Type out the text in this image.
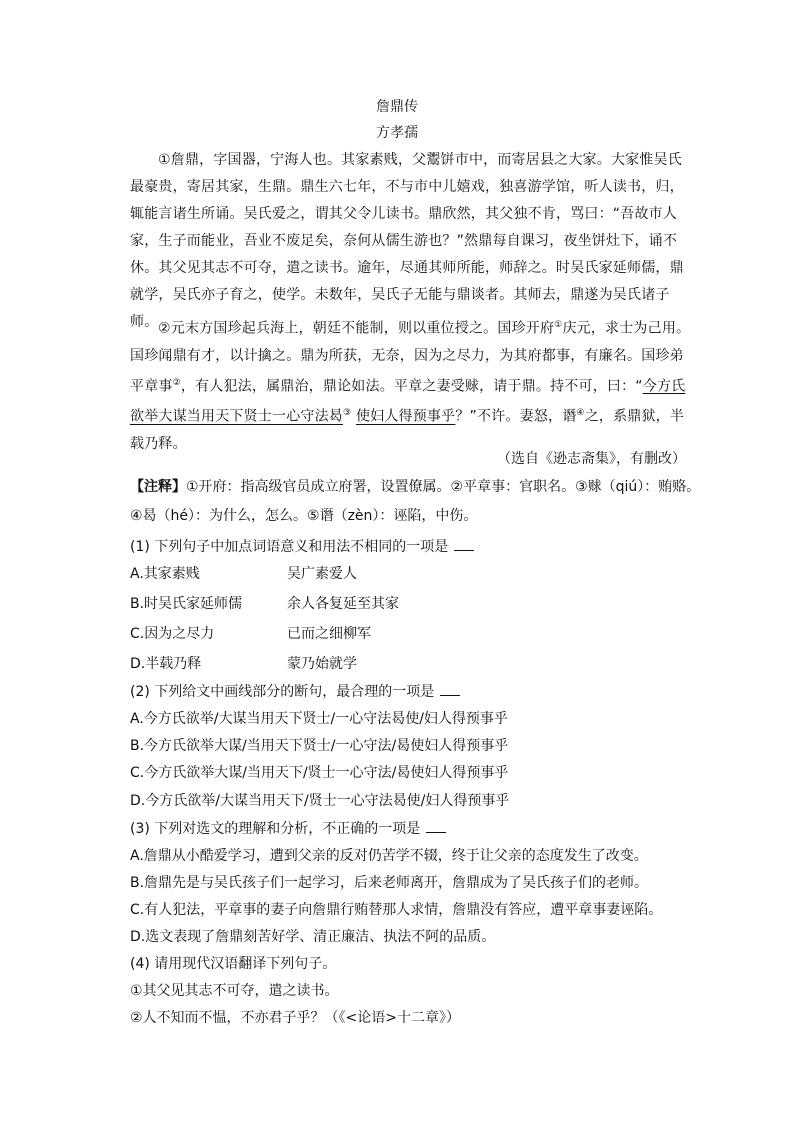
詹鼎传
方孝孺
①詹鼎，字国器，宁海人也。其家素贱，父鬻饼市中，而寄居县之大家。大家惟吴氏最豪贵，寄居其家，生鼎。鼎生六七年，不与市中儿嬉戏，独喜游学馆，听人读书，归，辄能言诸生所诵。吴氏爱之，谓其父令儿读书。鼎欣然，其父独不肯，骂曰：“吾故市人家，生子而能业，吾业不废足矣，奈何从儒生游也？”然鼎每自课习，夜坐饼灶下，诵不休。其父见其志不可夺，遣之读书。逾年，尽通其师所能，师辞之。时吴氏家延师儒，鼎就学，吴氏亦子育之，使学。未数年，吴氏子无能与鼎谈者。其师去，鼎遂为吴氏诸子师。 ②元末方国珍起兵海上，朝廷不能制，则以重位授之。国珍开府①庆元，求士为己用。国珍闻鼎有才，以计擒之。鼎为所获，无奈，因为之尽力，为其府都事，有廉名。国珍弟平章事②，有人犯法，属鼎治，鼎论如法。平章之妻受赇，请于鼎。持不可，曰：“今方氏欲举大谋当用天下贤士一心守法曷③ 使妇人得预事乎？”不许。妻怒，谮④之，系鼎狱，半载乃释。
（选自《逊志斋集》，有删改）
【注释】①开府：指高级官员成立府署，设置僚属。②平章事：官职名。③赇（qiú）：贿赂。
④曷（hé）：为什么，怎么。⑤谮（zèn）：诬陷，中伤。
(1) 下列句子中加点词语意义和用法不相同的一项是
A.其家素贱	吴广素爱人
B.时吴氏家延师儒	余人各复延至其家
C.因为之尽力	已而之细柳军
D.半载乃释	蒙乃始就学
(2) 下列给文中画线部分的断句，最合理的一项是
A.今方氏欲举/大谋当用天下贤士/一心守法曷使/妇人得预事乎
B.今方氏欲举大谋/当用天下贤士/一心守法/曷使妇人得预事乎
C.今方氏欲举大谋/当用天下/贤士一心守法/曷使妇人得预事乎
D.今方氏欲举/大谋当用天下/贤士一心守法曷使/妇人得预事乎
(3) 下列对选文的理解和分析，不正确的一项是
A.詹鼎从小酷爱学习，遭到父亲的反对仍苦学不辍，终于让父亲的态度发生了改变。
B.詹鼎先是与吴氏孩子们一起学习，后来老师离开，詹鼎成为了吴氏孩子们的老师。
C.有人犯法，平章事的妻子向詹鼎行贿替那人求情，詹鼎没有答应，遭平章事妻诬陷。
D.选文表现了詹鼎刻苦好学、清正廉洁、执法不阿的品质。
(4) 请用现代汉语翻译下列句子。
①其父见其志不可夺，遣之读书。
②人不知而不愠，不亦君子乎？（《<论语>十二章》）
